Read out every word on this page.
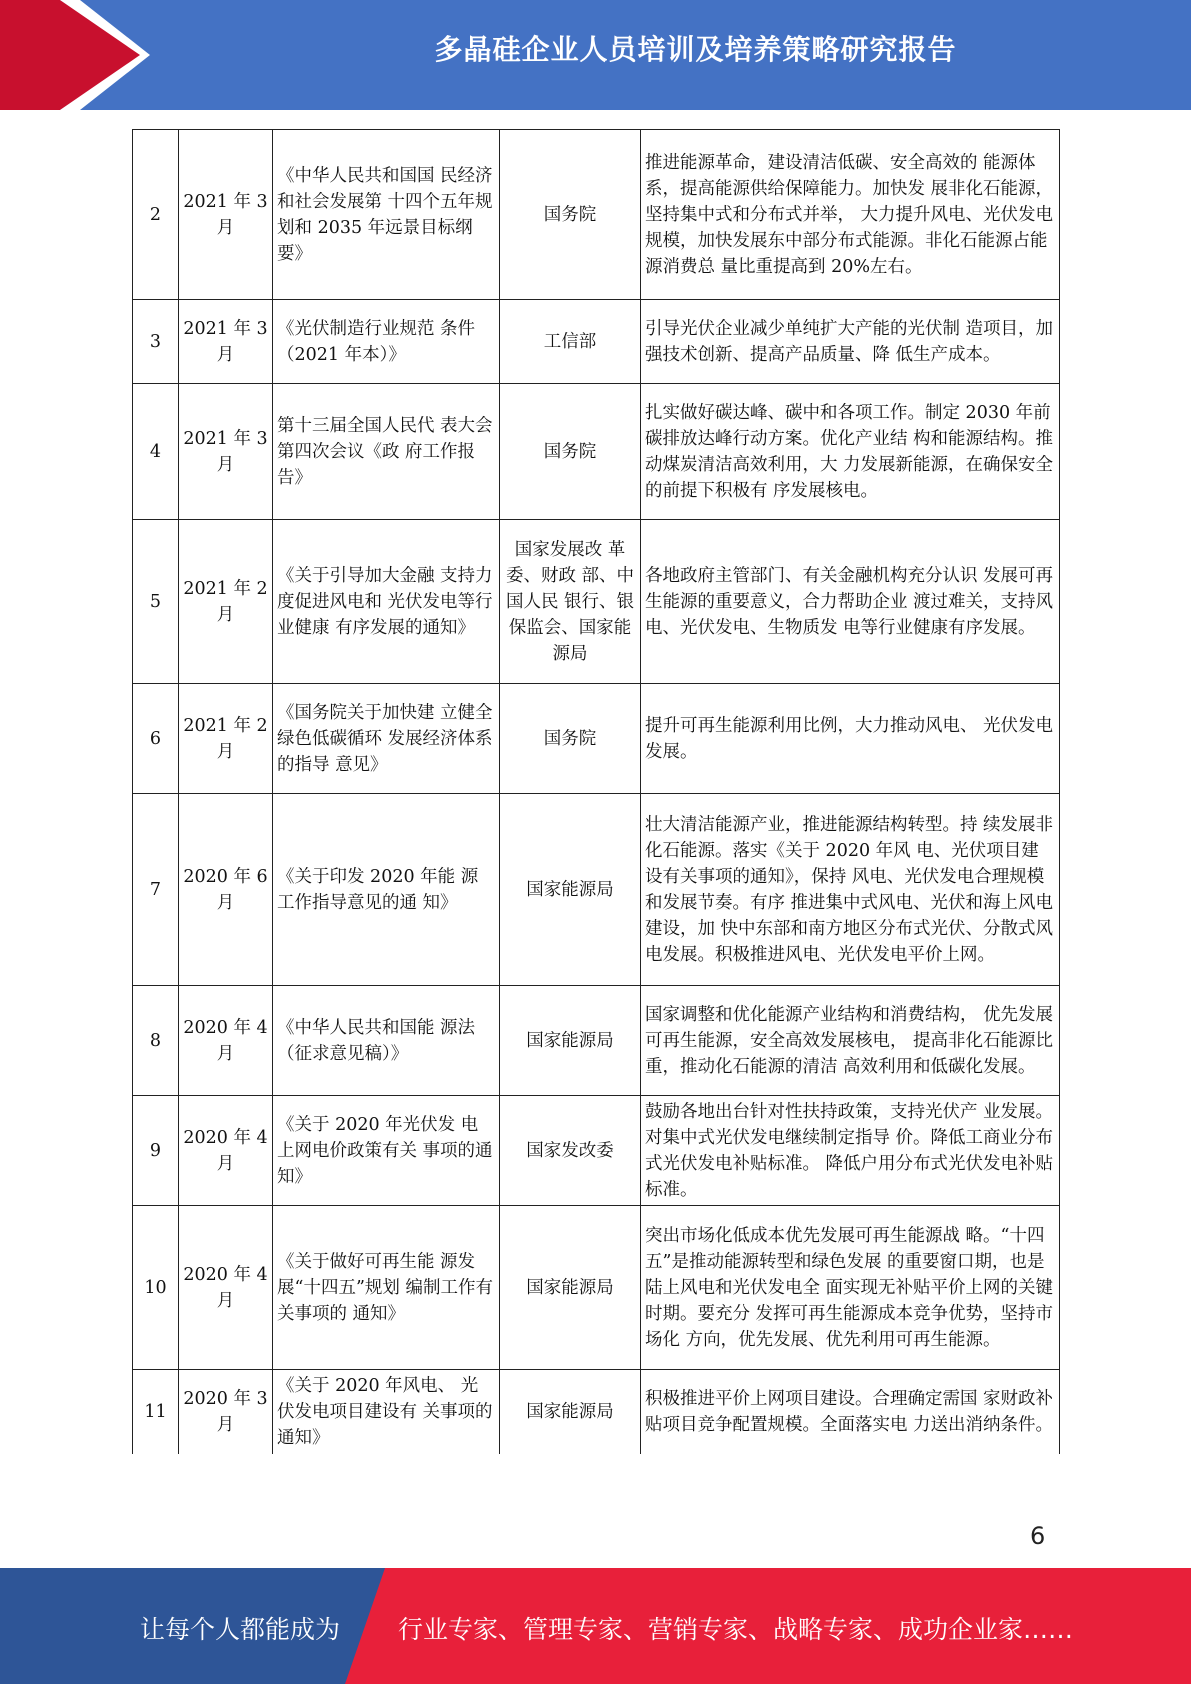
多晶硅企业人员培训及培养策略研究报告
2	2021 年 3 月	《中华人民共和国国 民经济和社会发展第 十四个五年规划和 2035 年远景目标纲要》	国务院	推进能源革命，建设清洁低碳、安全高效的 能源体系，提高能源供给保障能力。加快发 展非化石能源，坚持集中式和分布式并举， 大力提升风电、光伏发电规模，加快发展东中部分布式能源。非化石能源占能源消费总 量比重提高到 20%左右。
3	2021 年 3 月	《光伏制造行业规范 条件（2021 年本）》	工信部	引导光伏企业减少单纯扩大产能的光伏制 造项目，加强技术创新、提高产品质量、降 低生产成本。
4	2021 年 3 月	第十三届全国人民代 表大会第四次会议《政 府工作报告》	国务院	扎实做好碳达峰、碳中和各项工作。制定 2030 年前碳排放达峰行动方案。优化产业结 构和能源结构。推动煤炭清洁高效利用，大 力发展新能源，在确保安全的前提下积极有 序发展核电。
5	2021 年 2 月	《关于引导加大金融 支持力度促进风电和 光伏发电等行业健康 有序发展的通知》	国家发展改 革委、财政 部、中国人民 银行、银保监会、国家能源局	各地政府主管部门、有关金融机构充分认识 发展可再生能源的重要意义，合力帮助企业 渡过难关，支持风电、光伏发电、生物质发 电等行业健康有序发展。
6	2021 年 2 月	《国务院关于加快建 立健全绿色低碳循环 发展经济体系的指导 意见》	国务院	提升可再生能源利用比例，大力推动风电、 光伏发电发展。
7	2020 年 6 月	《关于印发 2020 年能 源工作指导意见的通 知》	国家能源局	壮大清洁能源产业，推进能源结构转型。持 续发展非化石能源。落实《关于 2020 年风 电、光伏项目建设有关事项的通知》，保持 风电、光伏发电合理规模和发展节奏。有序 推进集中式风电、光伏和海上风电建设，加 快中东部和南方地区分布式光伏、分散式风 电发展。积极推进风电、光伏发电平价上网。
8	2020 年 4 月	《中华人民共和国能 源法（征求意见稿）》	国家能源局	国家调整和优化能源产业结构和消费结构， 优先发展可再生能源，安全高效发展核电， 提高非化石能源比重，推动化石能源的清洁 高效利用和低碳化发展。
9	2020 年 4 月	《关于 2020 年光伏发 电上网电价政策有关 事项的通知》	国家发改委	鼓励各地出台针对性扶持政策，支持光伏产 业发展。对集中式光伏发电继续制定指导 价。降低工商业分布式光伏发电补贴标准。 降低户用分布式光伏发电补贴标准。
10	2020 年 4 月	《关于做好可再生能 源发展“十四五”规划 编制工作有关事项的 通知》	国家能源局	突出市场化低成本优先发展可再生能源战 略。“十四五”是推动能源转型和绿色发展 的重要窗口期，也是陆上风电和光伏发电全 面实现无补贴平价上网的关键时期。要充分 发挥可再生能源成本竞争优势，坚持市场化 方向，优先发展、优先利用可再生能源。
11	2020 年 3 月	《关于 2020 年风电、 光伏发电项目建设有 关事项的通知》	国家能源局	积极推进平价上网项目建设。合理确定需国 家财政补贴项目竞争配置规模。全面落实电 力送出消纳条件。
6
让每个人都能成为 行业专家、管理专家、营销专家、战略专家、成功企业家……
